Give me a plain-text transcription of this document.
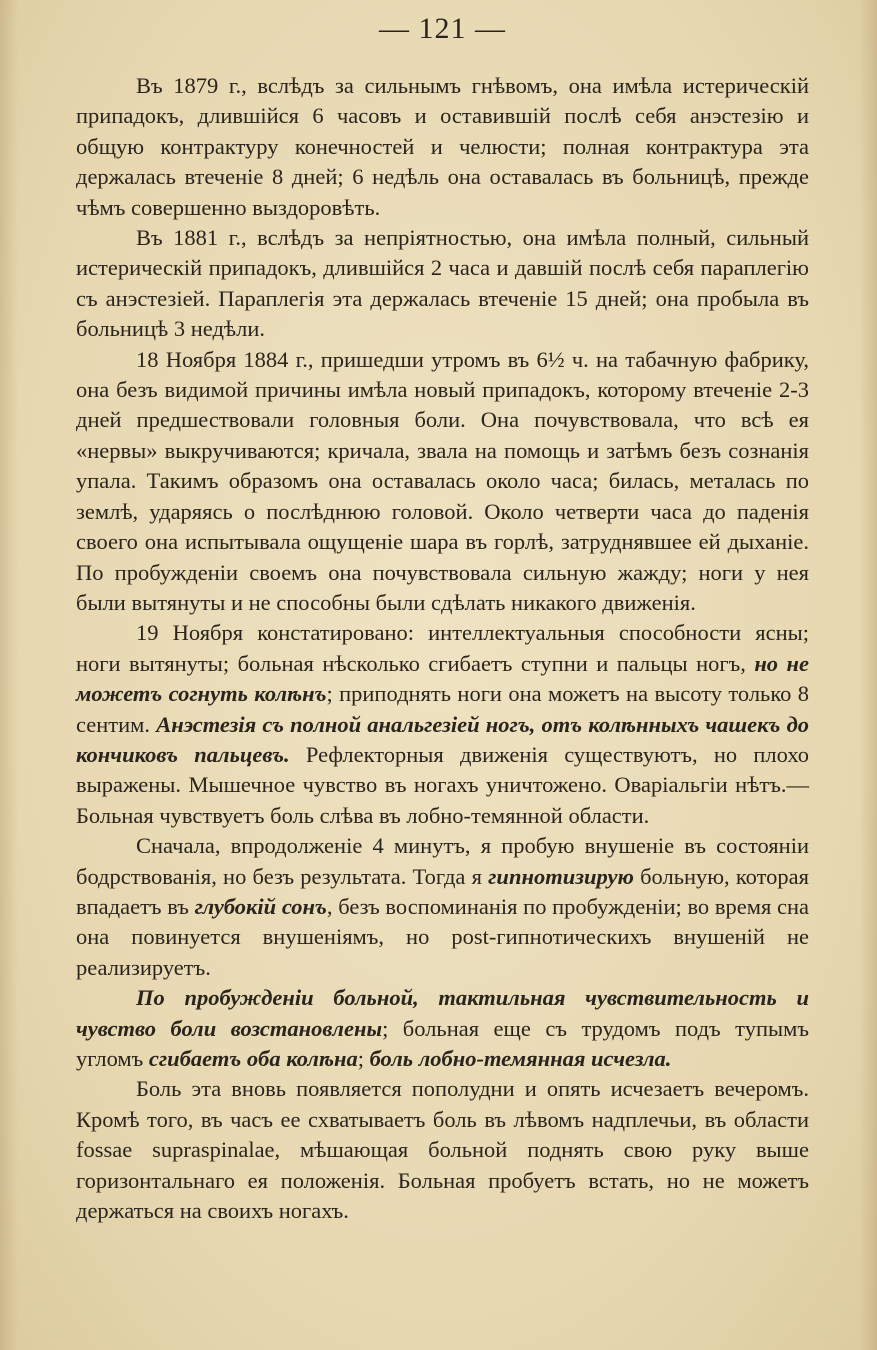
— 121 —

Въ 1879 г., вслѣдъ за сильнымъ гнѣвомъ, она имѣла истерическій припадокъ, длившійся 6 часовъ и оставившій послѣ себя анэстезію и общую контрактуру конечностей и челюсти; полная контрактура эта держалась втеченіе 8 дней; 6 недѣль она оставалась въ больницѣ, прежде чѣмъ совершенно выздоровѣть.

Въ 1881 г., вслѣдъ за непріятностью, она имѣла полный, сильный истерическій припадокъ, длившійся 2 часа и давшій послѣ себя параплегію съ анэстезіей. Параплегія эта держалась втеченіе 15 дней; она пробыла въ больницѣ 3 недѣли.

18 Ноября 1884 г., пришедши утромъ въ 6½ ч. на табачную фабрику, она безъ видимой причины имѣла новый припадокъ, которому втеченіе 2-3 дней предшествовали головныя боли. Она почувствовала, что всѣ ея «нервы» выкручиваются; кричала, звала на помощь и затѣмъ безъ сознанія упала. Такимъ образомъ она оставалась около часа; билась, металась по землѣ, ударяясь о послѣднюю головой. Около четверти часа до паденія своего она испытывала ощущеніе шара въ горлѣ, затруднявшее ей дыханіе. По пробужденіи своемъ она почувствовала сильную жажду; ноги у нея были вытянуты и не способны были сдѣлать никакого движенія.

19 Ноября констатировано: интеллектуальныя способности ясны; ноги вытянуты; больная нѣсколько сгибаетъ ступни и пальцы ногъ, но не можетъ согнуть колѣнъ; приподнять ноги она можетъ на высоту только 8 сентим. Анэстезія съ полной анальгезіей ногъ, отъ колѣнныхъ чашекъ до кончиковъ пальцевъ. Рефлекторныя движенія существуютъ, но плохо выражены. Мышечное чувство въ ногахъ уничтожено. Оваріальгіи нѣтъ.—Больная чувствуетъ боль слѣва въ лобно-темянной области.

Сначала, впродолженіе 4 минутъ, я пробую внушеніе въ состояніи бодрствованія, но безъ результата. Тогда я гипнотизирую больную, которая впадаетъ въ глубокій сонъ, безъ воспоминанія по пробужденіи; во время сна она повинуется внушеніямъ, но post-гипнотическихъ внушеній не реализируетъ.

По пробужденіи больной, тактильная чувствительность и чувство боли возстановлены; больная еще съ трудомъ подъ тупымъ угломъ сгибаетъ оба колѣна; боль лобно-темянная исчезла.

Боль эта вновь появляется пополудни и опять исчезаетъ вечеромъ. Кромѣ того, въ часъ ее схватываетъ боль въ лѣвомъ надплечьи, въ области fossae supraspinalae, мѣшающая больной поднять свою руку выше горизонтальнаго ея положенія. Больная пробуетъ встать, но не можетъ держаться на своихъ ногахъ.
